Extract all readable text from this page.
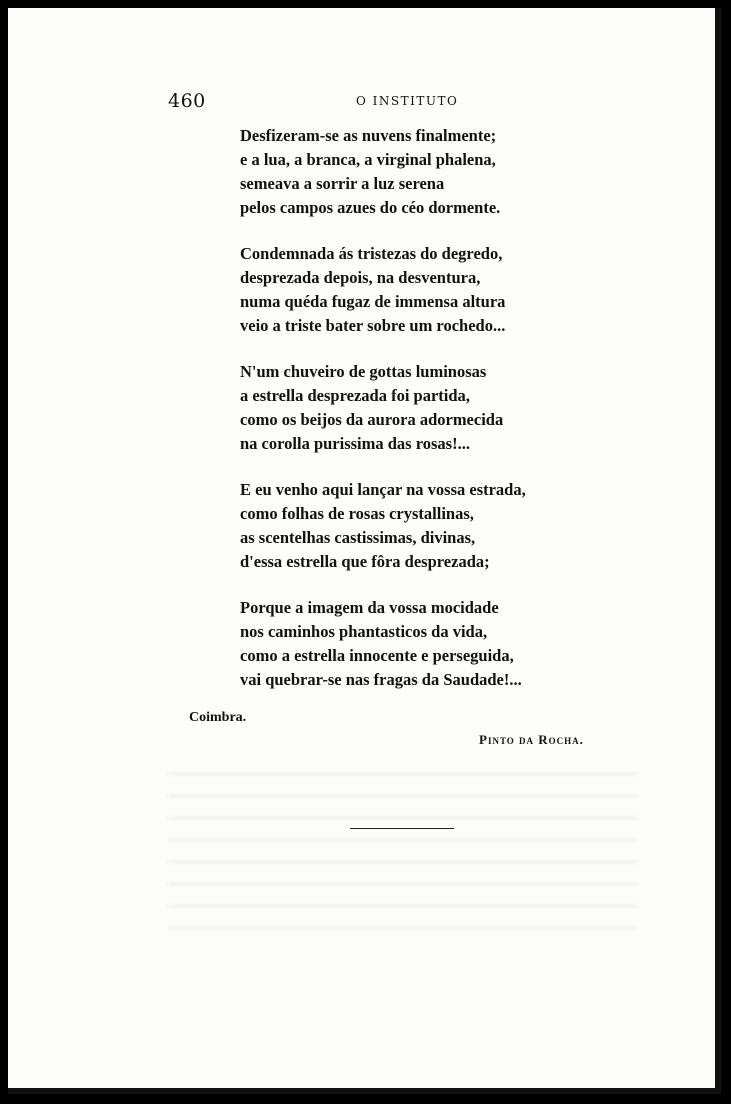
460	O INSTITUTO
Desfizeram-se as nuvens finalmente;
e a lua, a branca, a virginal phalena,
semeava a sorrir a luz serena
pelos campos azues do céo dormente.
Condemnada ás tristezas do degredo,
desprezada depois, na desventura,
numa quéda fugaz de immensa altura
veio a triste bater sobre um rochedo...
N'um chuveiro de gottas luminosas
a estrella desprezada foi partida,
como os beijos da aurora adormecida
na corolla purissima das rosas!...
E eu venho aqui lançar na vossa estrada,
como folhas de rosas crystallinas,
as scentelhas castissimas, divinas,
d'essa estrella que fôra desprezada;
Porque a imagem da vossa mocidade
nos caminhos phantasticos da vida,
como a estrella innocente e perseguida,
vai quebrar-se nas fragas da Saudade!...
Coimbra.
Pinto da Rocha.
